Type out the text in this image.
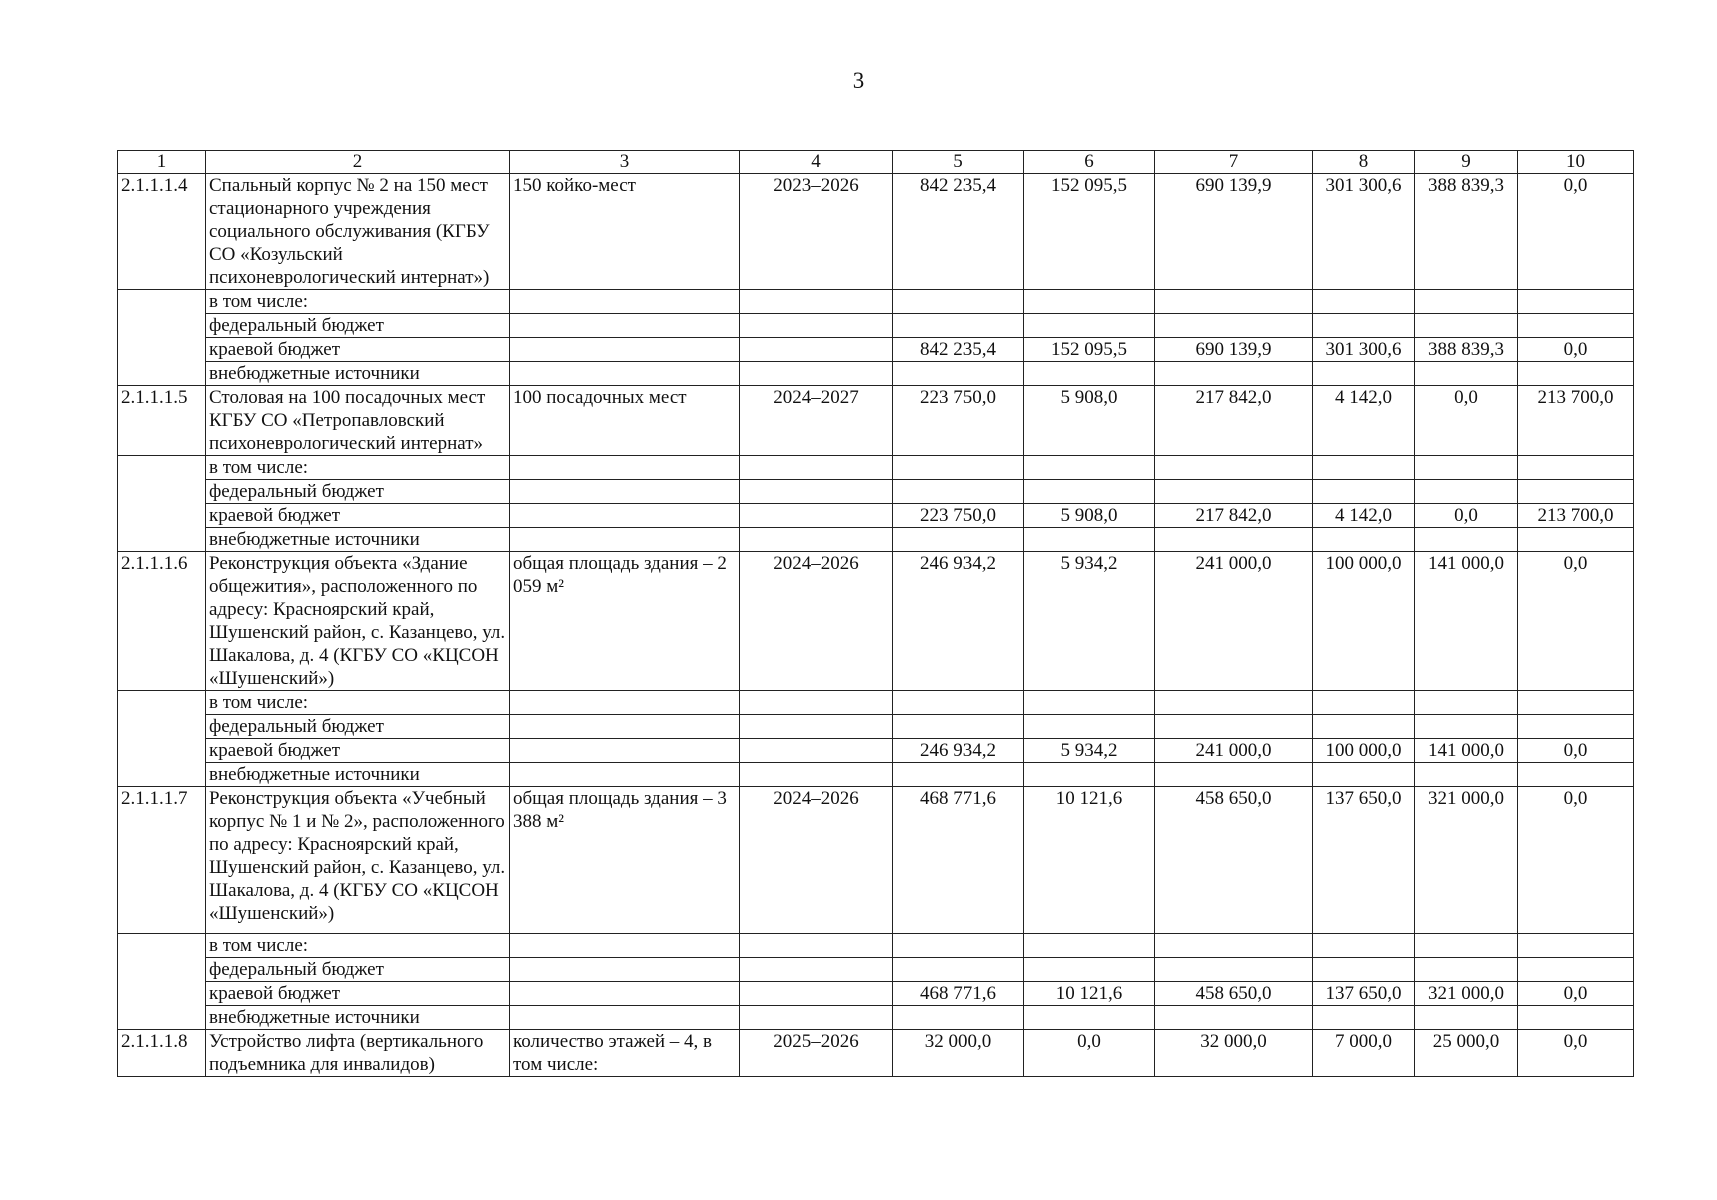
3
1	2	3	4	5	6	7	8	9	10
2.1.1.1.4	Спальный корпус № 2 на 150 мест стационарного учреждения социального обслуживания (КГБУ СО «Козульский психоневрологический интернат»)	150 койко-мест	2023–2026	842 235,4	152 095,5	690 139,9	301 300,6	388 839,3	0,0
	в том числе:								
	федеральный бюджет								
	краевой бюджет			842 235,4	152 095,5	690 139,9	301 300,6	388 839,3	0,0
	внебюджетные источники								
2.1.1.1.5	Столовая на 100 посадочных мест КГБУ СО «Петропавловский психоневрологический интернат»	100 посадочных мест	2024–2027	223 750,0	5 908,0	217 842,0	4 142,0	0,0	213 700,0
	в том числе:								
	федеральный бюджет								
	краевой бюджет			223 750,0	5 908,0	217 842,0	4 142,0	0,0	213 700,0
	внебюджетные источники								
2.1.1.1.6	Реконструкция объекта «Здание общежития», расположенного по адресу: Красноярский край, Шушенский район, с. Казанцево, ул. Шакалова, д. 4 (КГБУ СО «КЦСОН «Шушенский»)	общая площадь здания – 2 059 м²	2024–2026	246 934,2	5 934,2	241 000,0	100 000,0	141 000,0	0,0
	в том числе:								
	федеральный бюджет								
	краевой бюджет			246 934,2	5 934,2	241 000,0	100 000,0	141 000,0	0,0
	внебюджетные источники								
2.1.1.1.7	Реконструкция объекта «Учебный корпус № 1 и № 2», расположенного по адресу: Красноярский край, Шушенский район, с. Казанцево, ул. Шакалова, д. 4 (КГБУ СО «КЦСОН «Шушенский»)	общая площадь здания – 3 388 м²	2024–2026	468 771,6	10 121,6	458 650,0	137 650,0	321 000,0	0,0
	в том числе:								
	федеральный бюджет								
	краевой бюджет			468 771,6	10 121,6	458 650,0	137 650,0	321 000,0	0,0
	внебюджетные источники								
2.1.1.1.8	Устройство лифта (вертикального подъемника для инвалидов)	количество этажей – 4, в том числе:	2025–2026	32 000,0	0,0	32 000,0	7 000,0	25 000,0	0,0
